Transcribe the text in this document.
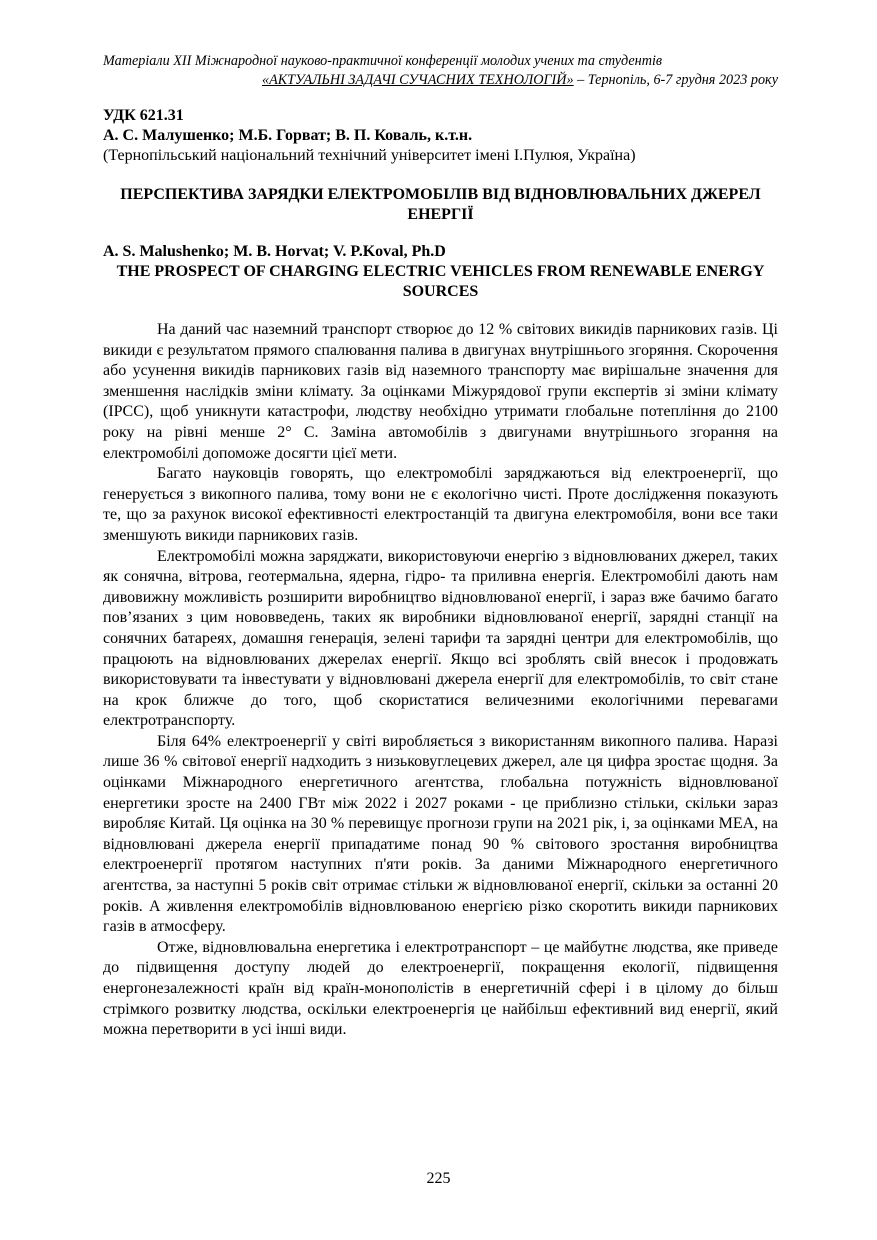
Матеріали XII Міжнародної науково-практичної конференції молодих учених та студентів
«АКТУАЛЬНІ ЗАДАЧІ СУЧАСНИХ ТЕХНОЛОГІЙ» – Тернопіль, 6-7 грудня 2023 року
УДК 621.31
А. С. Малушенко; М.Б. Горват; В. П. Коваль, к.т.н.
(Тернопільський національний технічний університет імені І.Пулюя, Україна)
ПЕРСПЕКТИВА ЗАРЯДКИ ЕЛЕКТРОМОБІЛІВ ВІД ВІДНОВЛЮВАЛЬНИХ ДЖЕРЕЛ ЕНЕРГІЇ
A. S. Malushenko; M. B. Horvat; V. P.Koval, Ph.D
THE PROSPECT OF CHARGING ELECTRIC VEHICLES FROM RENEWABLE ENERGY SOURCES

На даний час наземний транспорт створює до 12 % світових викидів парникових газів. Ці викиди є результатом прямого спалювання палива в двигунах внутрішнього згоряння. Скорочення або усунення викидів парникових газів від наземного транспорту має вирішальне значення для зменшення наслідків зміни клімату. За оцінками Міжурядової групи експертів зі зміни клімату (IPCC), щоб уникнути катастрофи, людству необхідно утримати глобальне потепління до 2100 року на рівні менше 2° С. Заміна автомобілів з двигунами внутрішнього згорання на електромобілі допоможе досягти цієї мети.

Багато науковців говорять, що електромобілі заряджаються від електроенергії, що генерується з викопного палива, тому вони не є екологічно чисті. Проте дослідження показують те, що за рахунок високої ефективності електростанцій та двигуна електромобіля, вони все таки зменшують викиди парникових газів.

Електромобілі можна заряджати, використовуючи енергію з відновлюваних джерел, таких як сонячна, вітрова, геотермальна, ядерна, гідро- та приливна енергія. Електромобілі дають нам дивовижну можливість розширити виробництво відновлюваної енергії, і зараз вже бачимо багато пов’язаних з цим нововведень, таких як виробники відновлюваної енергії, зарядні станції на сонячних батареях, домашня генерація, зелені тарифи та зарядні центри для електромобілів, що працюють на відновлюваних джерелах енергії. Якщо всі зроблять свій внесок і продовжать використовувати та інвестувати у відновлювані джерела енергії для електромобілів, то світ стане на крок ближче до того, щоб скористатися величезними екологічними перевагами електротранспорту.

Біля 64% електроенергії у світі виробляється з використанням викопного палива. Наразі лише 36 % світової енергії надходить з низьковуглецевих джерел, але ця цифра зростає щодня. За оцінками Міжнародного енергетичного агентства, глобальна потужність відновлюваної енергетики зросте на 2400 ГВт між 2022 і 2027 роками - це приблизно стільки, скільки зараз виробляє Китай. Ця оцінка на 30 % перевищує прогнози групи на 2021 рік, і, за оцінками МЕА, на відновлювані джерела енергії припадатиме понад 90 % світового зростання виробництва електроенергії протягом наступних п'яти років. За даними Міжнародного енергетичного агентства, за наступні 5 років світ отримає стільки ж відновлюваної енергії, скільки за останні 20 років. А живлення електромобілів відновлюваною енергією різко скоротить викиди парникових газів в атмосферу.

Отже, відновлювальна енергетика і електротранспорт – це майбутнє людства, яке приведе до підвищення доступу людей до електроенергії, покращення екології, підвищення енергонезалежності країн від країн-монополістів в енергетичній сфері і в цілому до більш стрімкого розвитку людства, оскільки електроенергія це найбільш ефективний вид енергії, який можна перетворити в усі інші види.

225
